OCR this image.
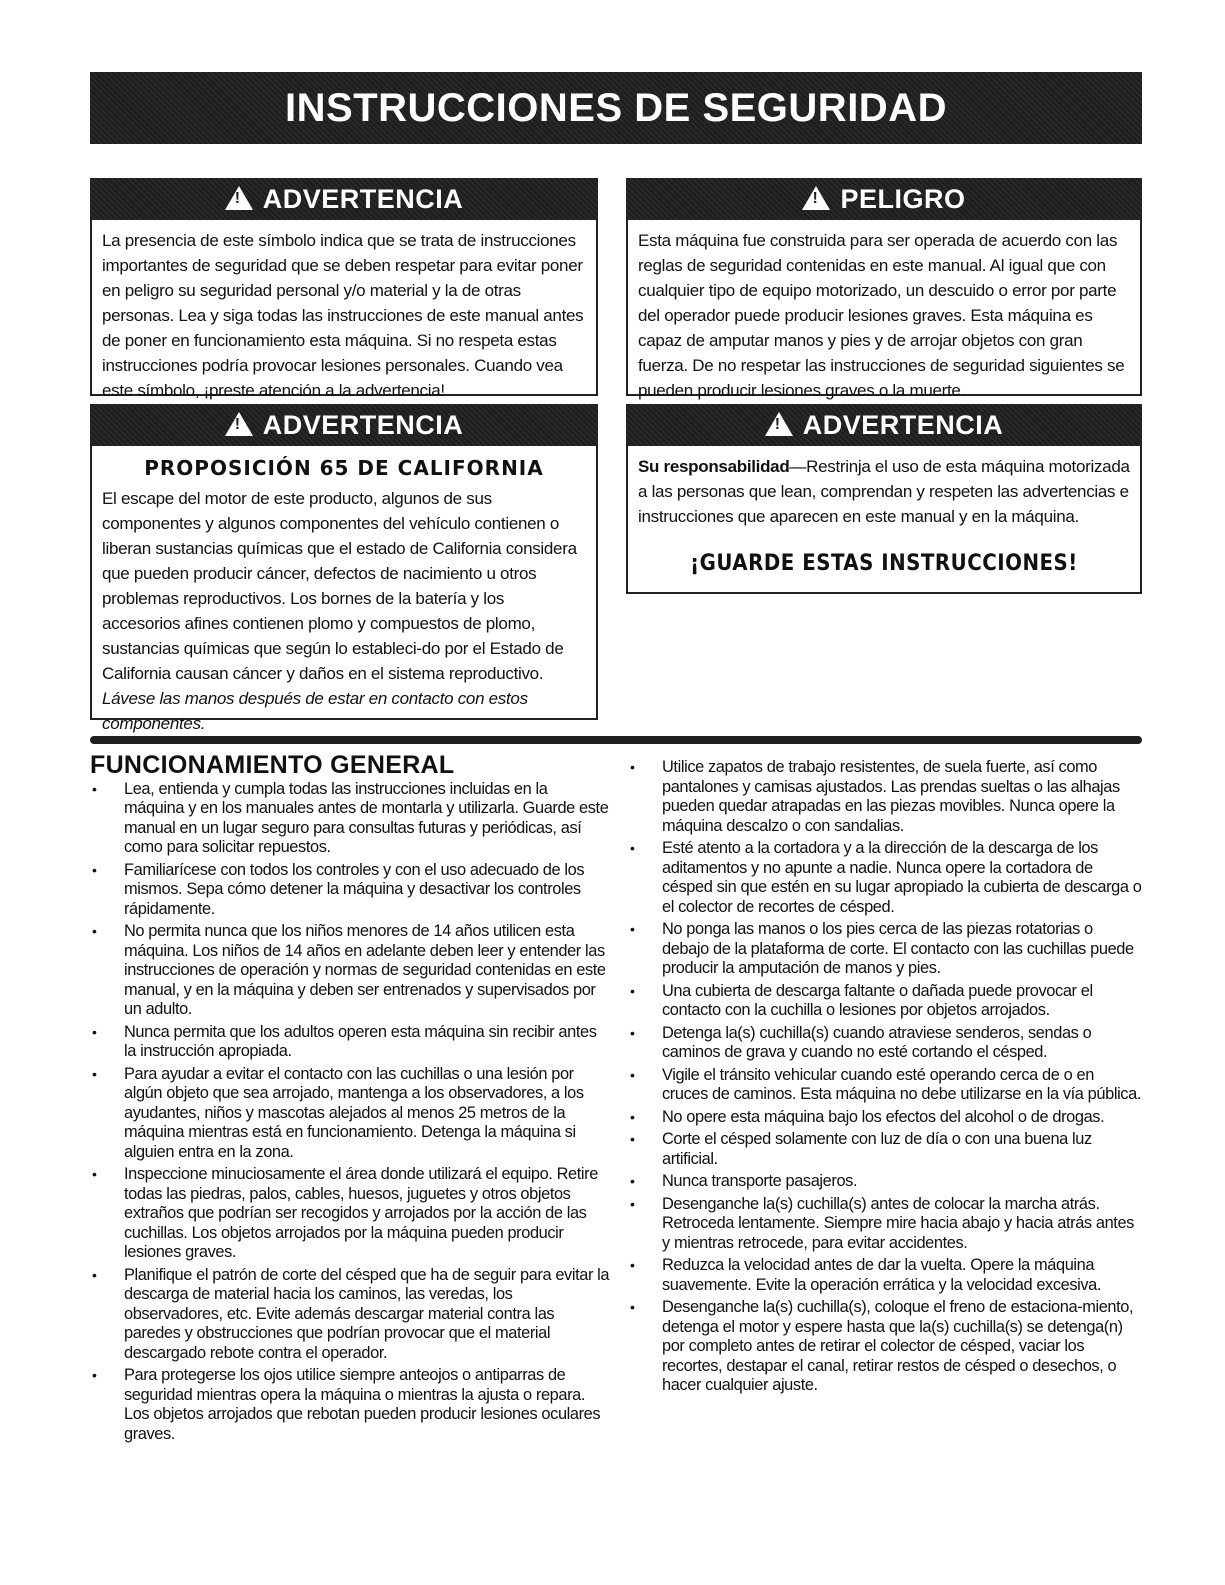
INSTRUCCIONES DE SEGURIDAD
!
ADVERTENCIA
La presencia de este símbolo indica que se trata de instrucciones importantes de seguridad que se deben respetar para evitar poner en peligro su seguridad personal y/o material y la de otras personas. Lea y siga todas las instrucciones de este manual antes de poner en funcionamiento esta máquina. Si no respeta estas instrucciones podría provocar lesiones personales. Cuando vea este símbolo, ¡preste atención a la advertencia!
!
PELIGRO
Esta máquina fue construida para ser operada de acuerdo con las reglas de seguridad contenidas en este manual. Al igual que con cualquier tipo de equipo motorizado, un descuido o error por parte del operador puede producir lesiones graves. Esta máquina es capaz de amputar manos y pies y de arrojar objetos con gran fuerza. De no respetar las instrucciones de seguridad siguientes se pueden producir lesiones graves o la muerte.
!
ADVERTENCIA
PROPOSICIÓN 65 DE CALIFORNIA
El escape del motor de este producto, algunos de sus componentes y algunos componentes del vehículo contienen o liberan sustancias químicas que el estado de California considera que pueden producir cáncer, defectos de nacimiento u otros problemas reproductivos. Los bornes de la batería y los accesorios afines contienen plomo y compuestos de plomo, sustancias químicas que según lo estableci-do por el Estado de California causan cáncer y daños en el sistema reproductivo. Lávese las manos después de estar en contacto con estos componentes.
!
ADVERTENCIA
Su responsabilidad—Restrinja el uso de esta máquina motorizada a las personas que lean, comprendan y respeten las advertencias e instrucciones que aparecen en este manual y en la máquina.
¡GUARDE ESTAS INSTRUCCIONES!
FUNCIONAMIENTO GENERAL
• Lea, entienda y cumpla todas las instrucciones incluidas en la máquina y en los manuales antes de montarla y utilizarla. Guarde este manual en un lugar seguro para consultas futuras y periódicas, así como para solicitar repuestos.
• Familiarícese con todos los controles y con el uso adecuado de los mismos. Sepa cómo detener la máquina y desactivar los controles rápidamente.
• No permita nunca que los niños menores de 14 años utilicen esta máquina. Los niños de 14 años en adelante deben leer y entender las instrucciones de operación y normas de seguridad contenidas en este manual, y en la máquina y deben ser entrenados y supervisados por un adulto.
• Nunca permita que los adultos operen esta máquina sin recibir antes la instrucción apropiada.
• Para ayudar a evitar el contacto con las cuchillas o una lesión por algún objeto que sea arrojado, mantenga a los observadores, a los ayudantes, niños y mascotas alejados al menos 25 metros de la máquina mientras está en funcionamiento. Detenga la máquina si alguien entra en la zona.
• Inspeccione minuciosamente el área donde utilizará el equipo. Retire todas las piedras, palos, cables, huesos, juguetes y otros objetos extraños que podrían ser recogidos y arrojados por la acción de las cuchillas. Los objetos arrojados por la máquina pueden producir lesiones graves.
• Planifique el patrón de corte del césped que ha de seguir para evitar la descarga de material hacia los caminos, las veredas, los observadores, etc. Evite además descargar material contra las paredes y obstrucciones que podrían provocar que el material descargado rebote contra el operador.
• Para protegerse los ojos utilice siempre anteojos o antiparras de seguridad mientras opera la máquina o mientras la ajusta o repara. Los objetos arrojados que rebotan pueden producir lesiones oculares graves.
• Utilice zapatos de trabajo resistentes, de suela fuerte, así como pantalones y camisas ajustados. Las prendas sueltas o las alhajas pueden quedar atrapadas en las piezas movibles. Nunca opere la máquina descalzo o con sandalias.
• Esté atento a la cortadora y a la dirección de la descarga de los aditamentos y no apunte a nadie. Nunca opere la cortadora de césped sin que estén en su lugar apropiado la cubierta de descarga o el colector de recortes de césped.
• No ponga las manos o los pies cerca de las piezas rotatorias o debajo de la plataforma de corte. El contacto con las cuchillas puede producir la amputación de manos y pies.
• Una cubierta de descarga faltante o dañada puede provocar el contacto con la cuchilla o lesiones por objetos arrojados.
• Detenga la(s) cuchilla(s) cuando atraviese senderos, sendas o caminos de grava y cuando no esté cortando el césped.
• Vigile el tránsito vehicular cuando esté operando cerca de o en cruces de caminos. Esta máquina no debe utilizarse en la vía pública.
• No opere esta máquina bajo los efectos del alcohol o de drogas.
• Corte el césped solamente con luz de día o con una buena luz artificial.
• Nunca transporte pasajeros.
• Desenganche la(s) cuchilla(s) antes de colocar la marcha atrás. Retroceda lentamente. Siempre mire hacia abajo y hacia atrás antes y mientras retrocede, para evitar accidentes.
• Reduzca la velocidad antes de dar la vuelta. Opere la máquina suavemente. Evite la operación errática y la velocidad excesiva.
• Desenganche la(s) cuchilla(s), coloque el freno de estaciona-miento, detenga el motor y espere hasta que la(s) cuchilla(s) se detenga(n) por completo antes de retirar el colector de césped, vaciar los recortes, destapar el canal, retirar restos de césped o desechos, o hacer cualquier ajuste.
